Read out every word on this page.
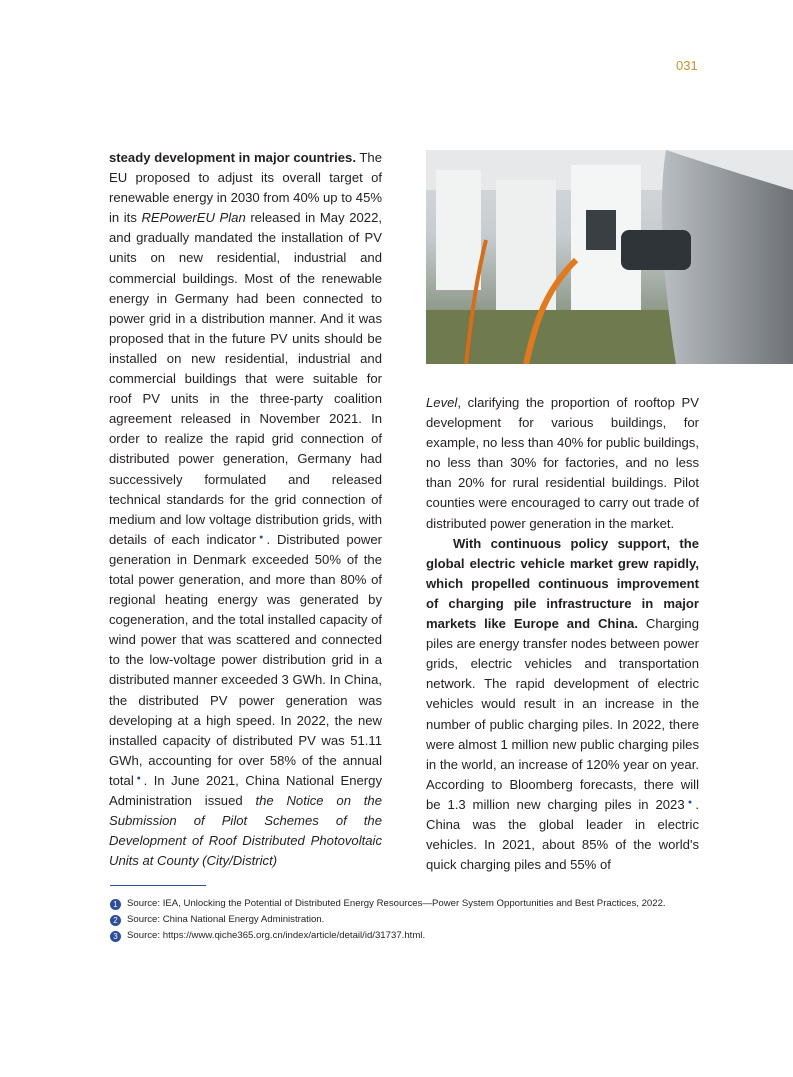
031

steady development in major countries. The EU proposed to adjust its overall target of renewable energy in 2030 from 40% up to 45% in its REPowerEU Plan released in May 2022, and gradually mandated the installation of PV units on new residential, industrial and commercial buildings. Most of the renewable energy in Germany had been connected to power grid in a distribution manner. And it was proposed that in the future PV units should be installed on new residential, industrial and commercial buildings that were suitable for roof PV units in the three-party coalition agreement released in November 2021. In order to realize the rapid grid connection of distributed power generation, Germany had successively formulated and released technical standards for the grid connection of medium and low voltage distribution grids, with details of each indicator●. Distributed power generation in Denmark exceeded 50% of the total power generation, and more than 80% of regional heating energy was generated by cogeneration, and the total installed capacity of wind power that was scattered and connected to the low-voltage power distribution grid in a distributed manner exceeded 3 GWh. In China, the distributed PV power generation was developing at a high speed. In 2022, the new installed capacity of distributed PV was 51.11 GWh, accounting for over 58% of the annual total●. In June 2021, China National Energy Administration issued the Notice on the Submission of Pilot Schemes of the Development of Roof Distributed Photovoltaic Units at County (City/District)

Level, clarifying the proportion of rooftop PV development for various buildings, for example, no less than 40% for public buildings, no less than 30% for factories, and no less than 20% for rural residential buildings. Pilot counties were encouraged to carry out trade of distributed power generation in the market.

With continuous policy support, the global electric vehicle market grew rapidly, which propelled continuous improvement of charging pile infrastructure in major markets like Europe and China. Charging piles are energy transfer nodes between power grids, electric vehicles and transportation network. The rapid development of electric vehicles would result in an increase in the number of public charging piles. In 2022, there were almost 1 million new public charging piles in the world, an increase of 120% year on year. According to Bloomberg forecasts, there will be 1.3 million new charging piles in 2023●. China was the global leader in electric vehicles. In 2021, about 85% of the world's quick charging piles and 55% of

1 Source: IEA, Unlocking the Potential of Distributed Energy Resources—Power System Opportunities and Best Practices, 2022.
2 Source: China National Energy Administration.
3 Source: https://www.qiche365.org.cn/index/article/detail/id/31737.html.
